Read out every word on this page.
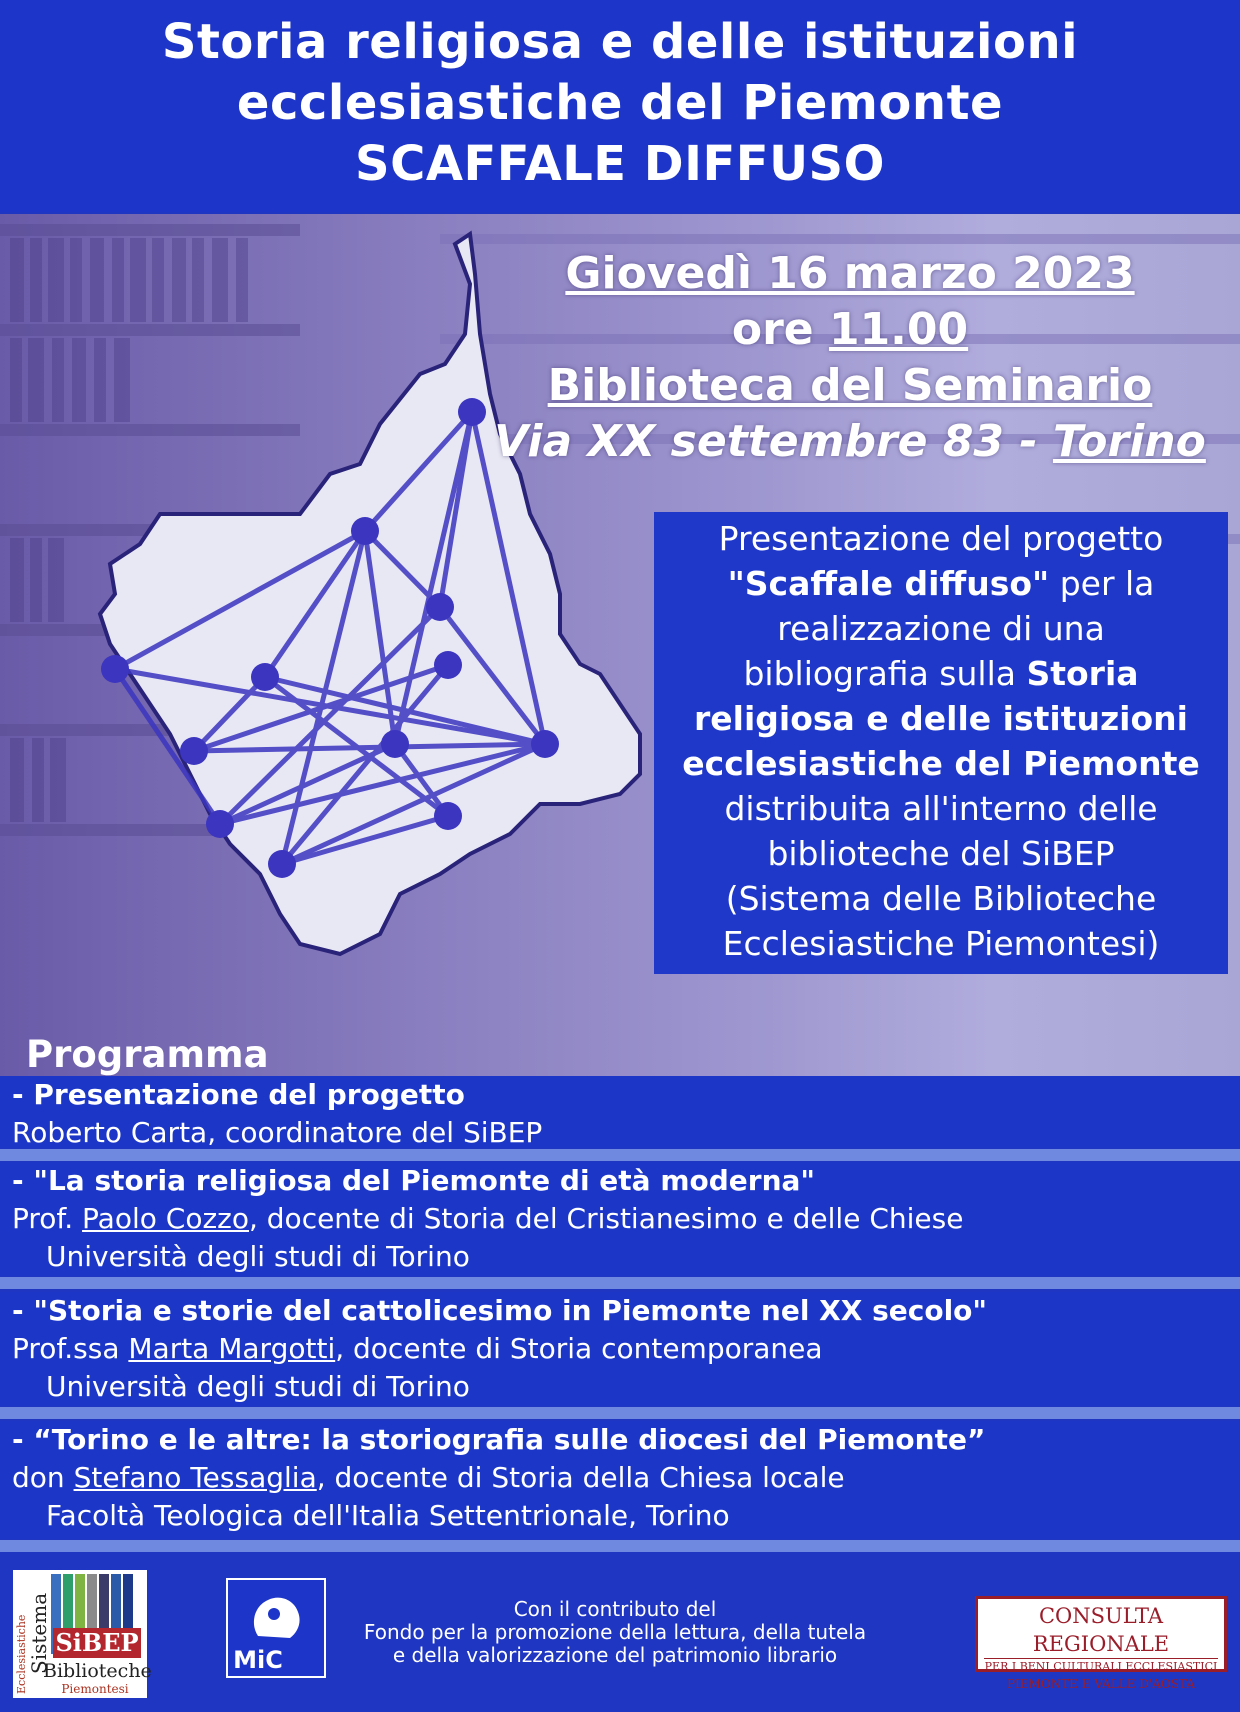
Storia religiosa e delle istituzioni
ecclesiastiche del Piemonte
SCAFFALE DIFFUSO
Giovedì 16 marzo 2023
ore 11.00
Biblioteca del Seminario
Via XX settembre 83 - Torino
Presentazione del progetto
"Scaffale diffuso" per la
realizzazione di una
bibliografia sulla Storia
religiosa e delle istituzioni
ecclesiastiche del Piemonte
distribuita all'interno delle
biblioteche del SiBEP
(Sistema delle Biblioteche
Ecclesiastiche Piemontesi)
Programma
- Presentazione del progetto
Roberto Carta, coordinatore del SiBEP
- "La storia religiosa del Piemonte di età moderna"
Prof. Paolo Cozzo, docente di Storia del Cristianesimo e delle Chiese
Università degli studi di Torino
- "Storia e storie del cattolicesimo in Piemonte nel XX secolo"
Prof.ssa Marta Margotti, docente di Storia contemporanea
Università degli studi di Torino
- “Torino e le altre: la storiografia sulle diocesi del Piemonte”
don Stefano Tessaglia, docente di Storia della Chiesa locale
Facoltà Teologica dell'Italia Settentrionale, Torino
Ecclesiastiche Sistema SiBEP
Biblioteche
Piemontesi
MiC
Con il contributo del
Fondo per la promozione della lettura, della tutela
e della valorizzazione del patrimonio librario
CONSULTA REGIONALE
PER I BENI CULTURALI ECCLESIASTICI
PIEMONTE E VALLE D'AOSTA
